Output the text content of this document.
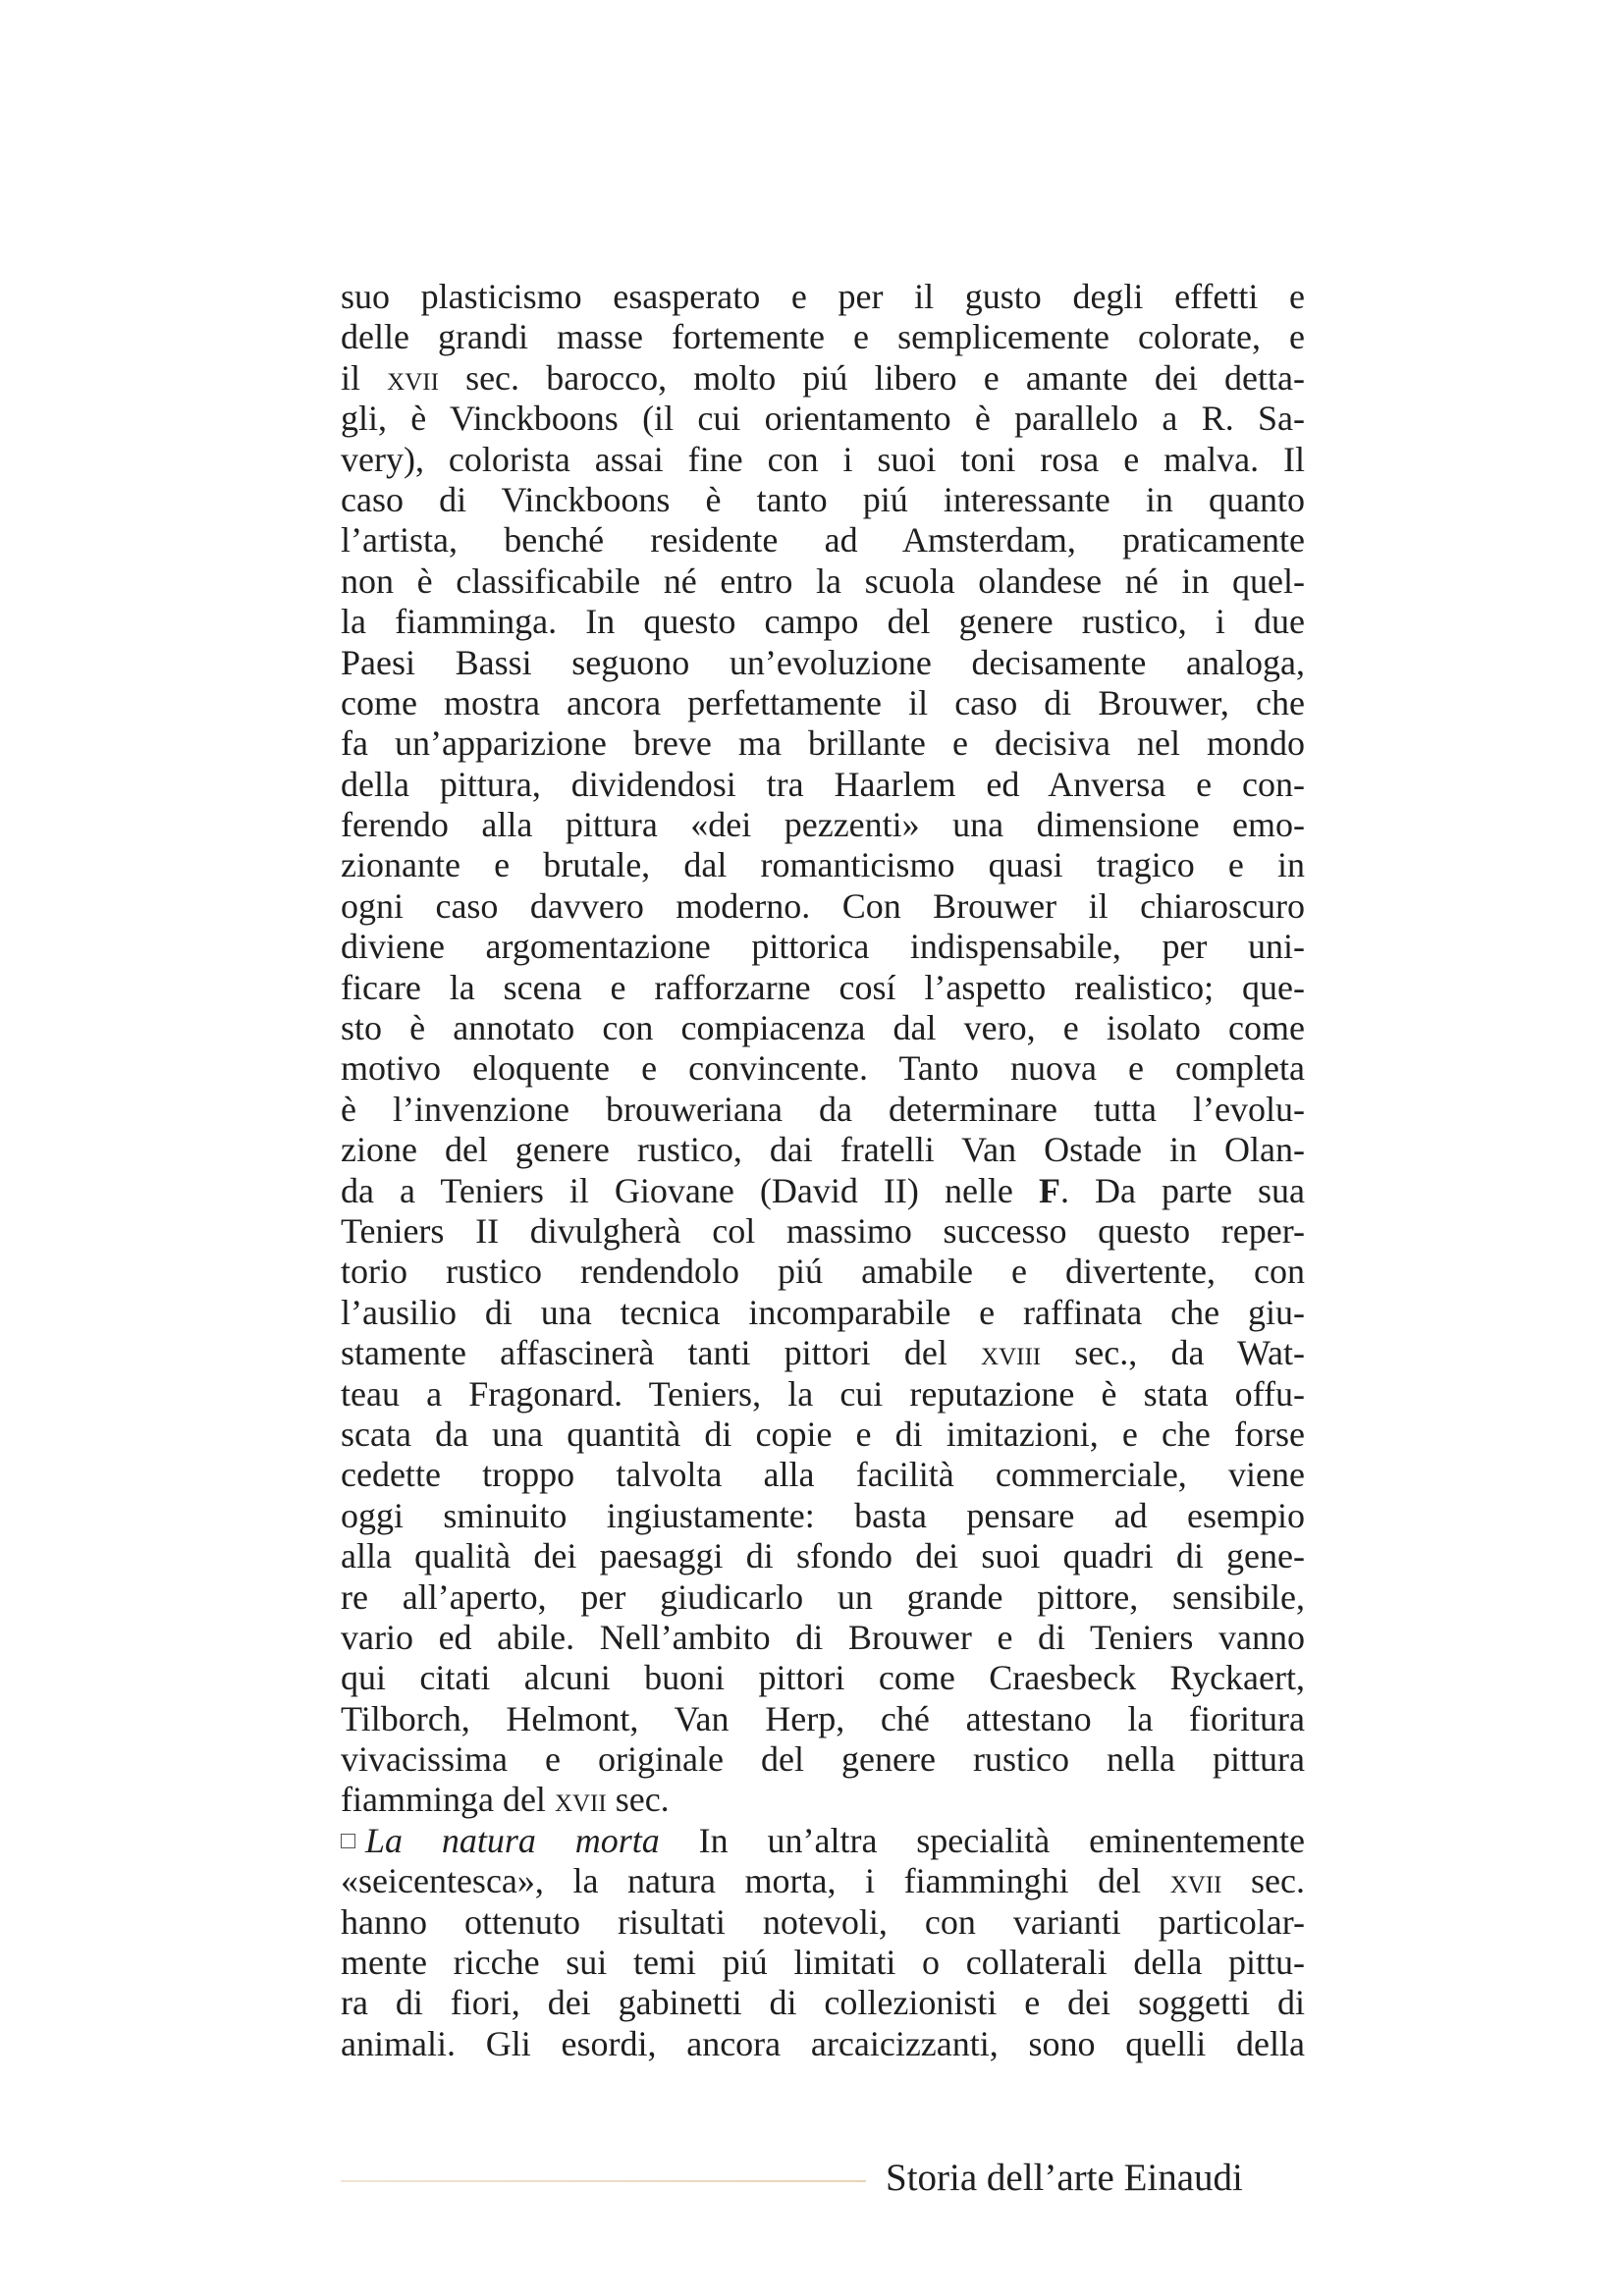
suo plasticismo esasperato e per il gusto degli effetti e
delle grandi masse fortemente e semplicemente colorate, e
il xvii sec. barocco, molto piú libero e amante dei detta-
gli, è Vinckboons (il cui orientamento è parallelo a R. Sa-
very), colorista assai fine con i suoi toni rosa e malva. Il
caso di Vinckboons è tanto piú interessante in quanto
l’artista, benché residente ad Amsterdam, praticamente
non è classificabile né entro la scuola olandese né in quel-
la fiamminga. In questo campo del genere rustico, i due
Paesi Bassi seguono un’evoluzione decisamente analoga,
come mostra ancora perfettamente il caso di Brouwer, che
fa un’apparizione breve ma brillante e decisiva nel mondo
della pittura, dividendosi tra Haarlem ed Anversa e con-
ferendo alla pittura «dei pezzenti» una dimensione emo-
zionante e brutale, dal romanticismo quasi tragico e in
ogni caso davvero moderno. Con Brouwer il chiaroscuro
diviene argomentazione pittorica indispensabile, per uni-
ficare la scena e rafforzarne cosí l’aspetto realistico; que-
sto è annotato con compiacenza dal vero, e isolato come
motivo eloquente e convincente. Tanto nuova e completa
è l’invenzione brouweriana da determinare tutta l’evolu-
zione del genere rustico, dai fratelli Van Ostade in Olan-
da a Teniers il Giovane (David II) nelle F. Da parte sua
Teniers II divulgherà col massimo successo questo reper-
torio rustico rendendolo piú amabile e divertente, con
l’ausilio di una tecnica incomparabile e raffinata che giu-
stamente affascinerà tanti pittori del xviii sec., da Wat-
teau a Fragonard. Teniers, la cui reputazione è stata offu-
scata da una quantità di copie e di imitazioni, e che forse
cedette troppo talvolta alla facilità commerciale, viene
oggi sminuito ingiustamente: basta pensare ad esempio
alla qualità dei paesaggi di sfondo dei suoi quadri di gene-
re all’aperto, per giudicarlo un grande pittore, sensibile,
vario ed abile. Nell’ambito di Brouwer e di Teniers vanno
qui citati alcuni buoni pittori come Craesbeck Ryckaert,
Tilborch, Helmont, Van Herp, ché attestano la fioritura
vivacissima e originale del genere rustico nella pittura
fiamminga del xvii sec.
La natura morta In un’altra specialità eminentemente
«seicentesca», la natura morta, i fiamminghi del xvii sec.
hanno ottenuto risultati notevoli, con varianti particolar-
mente ricche sui temi piú limitati o collaterali della pittu-
ra di fiori, dei gabinetti di collezionisti e dei soggetti di
animali. Gli esordi, ancora arcaicizzanti, sono quelli della
Storia dell’arte Einaudi
